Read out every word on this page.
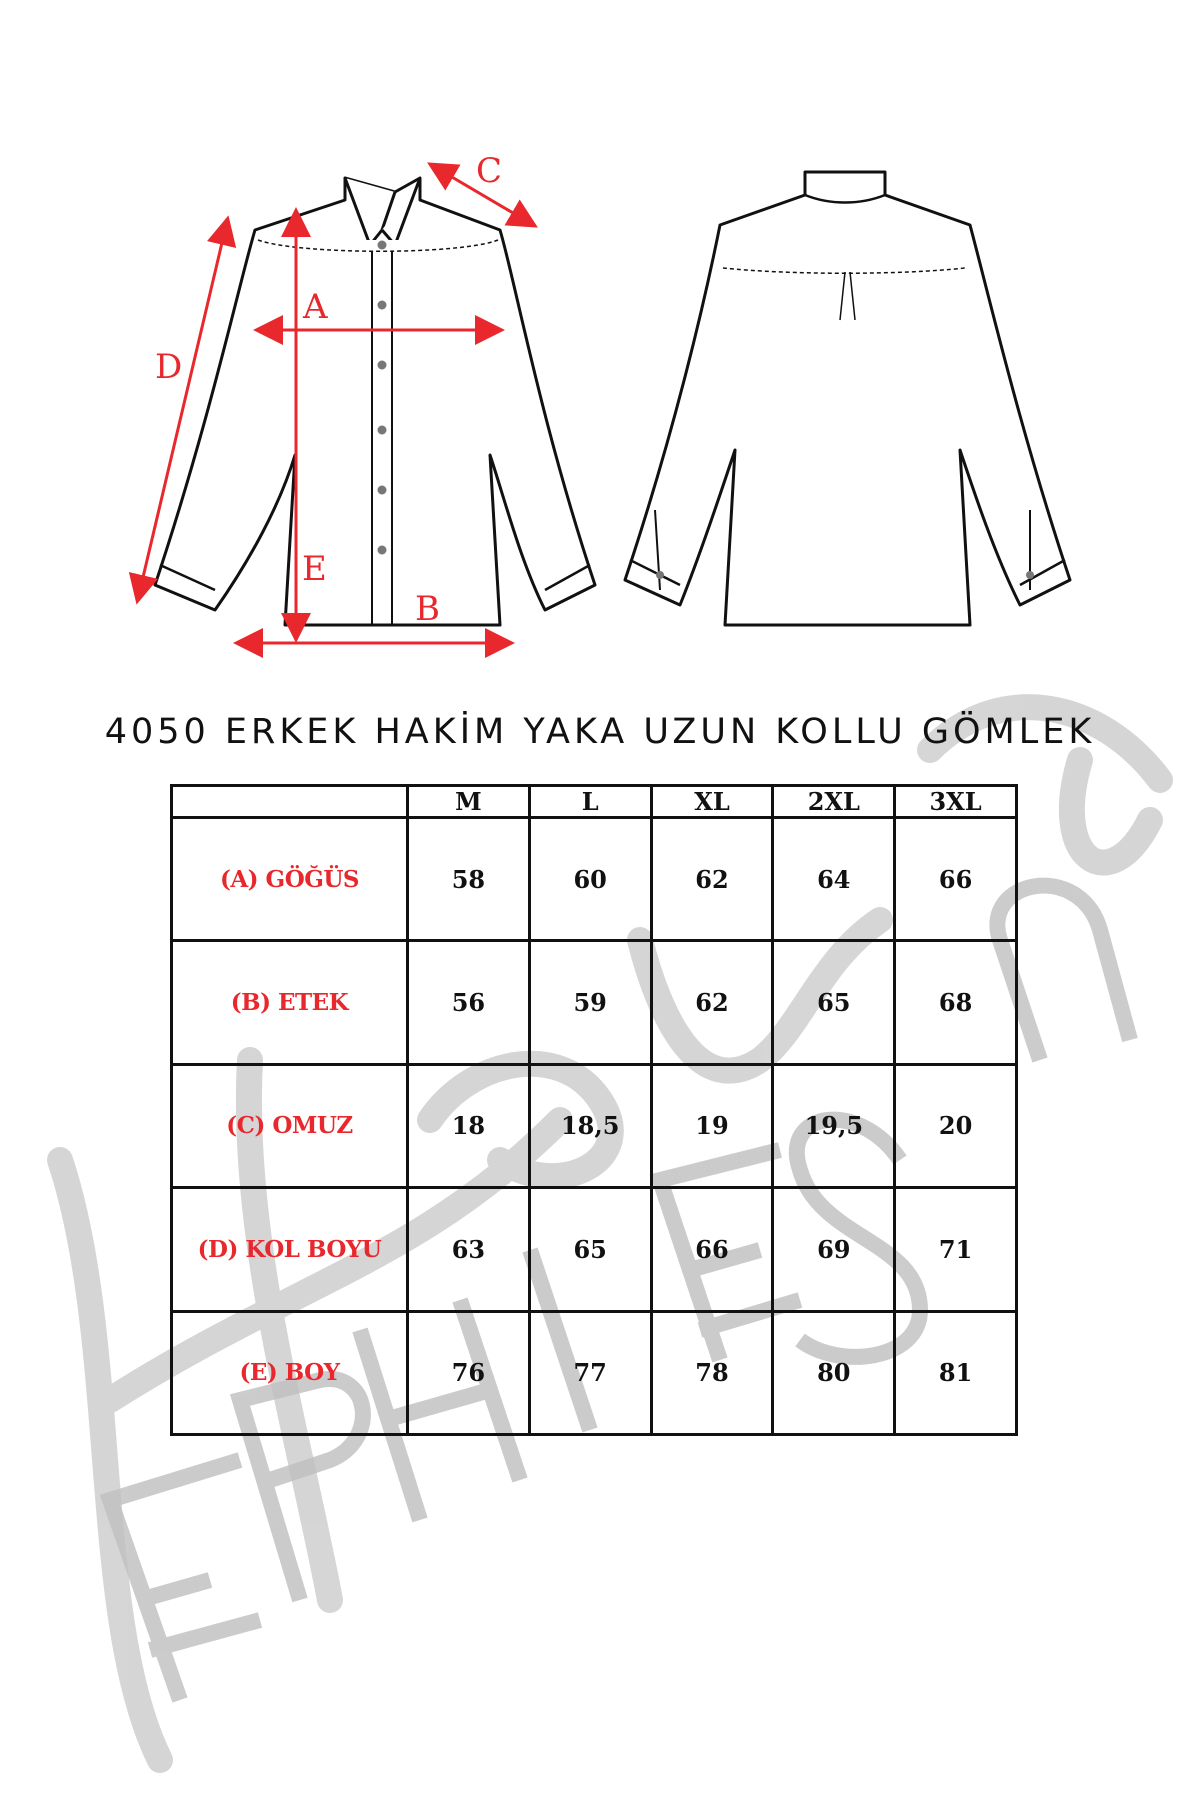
A
B
C
D
E
4050 ERKEK HAKİM YAKA UZUN KOLLU GÖMLEK
	M	L	XL	2XL	3XL
(A) GÖĞÜS	58	60	62	64	66
(B) ETEK	56	59	62	65	68
(C) OMUZ	18	18,5	19	19,5	20
(D) KOL BOYU	63	65	66	69	71
(E) BOY	76	77	78	80	81
